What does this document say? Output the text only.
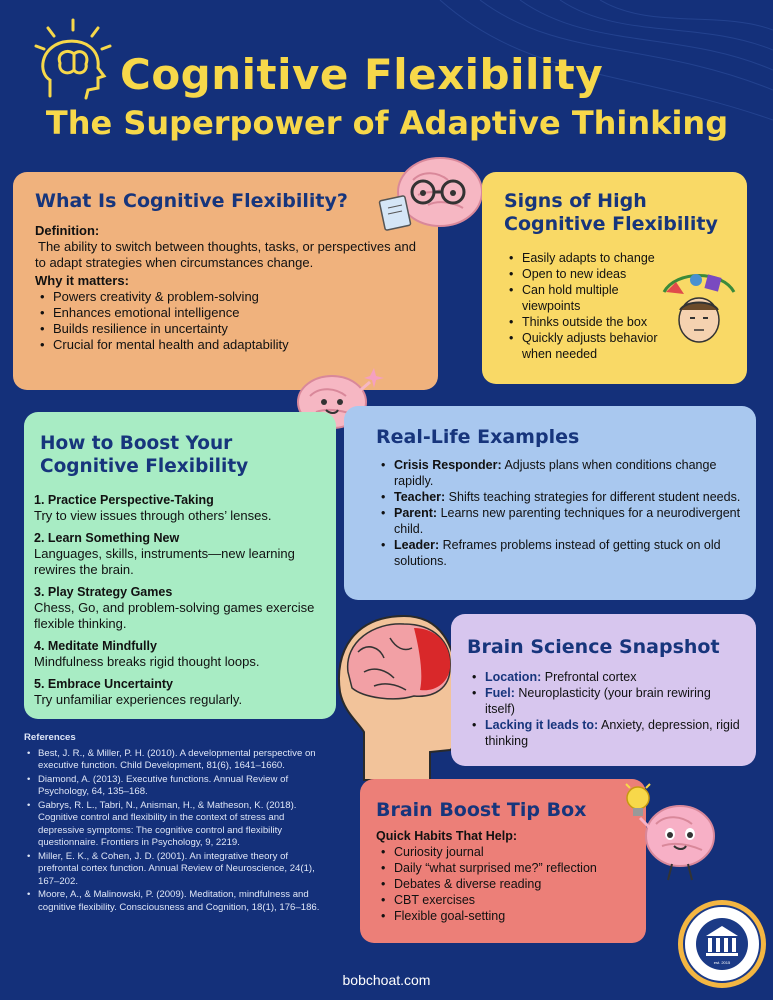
Cognitive Flexibility
The Superpower of Adaptive Thinking
What Is Cognitive Flexibility?
Definition:
The ability to switch between thoughts, tasks, or perspectives and to adapt strategies when circumstances change.
Why it matters:
• Powers creativity & problem-solving
• Enhances emotional intelligence
• Builds resilience in uncertainty
• Crucial for mental health and adaptability
Signs of High Cognitive Flexibility
• Easily adapts to change
• Open to new ideas
• Can hold multiple viewpoints
• Thinks outside the box
• Quickly adjusts behavior when needed
How to Boost Your Cognitive Flexibility
1. Practice Perspective-Taking
Try to view issues through others’ lenses.
2. Learn Something New
Languages, skills, instruments—new learning rewires the brain.
3. Play Strategy Games
Chess, Go, and problem-solving games exercise flexible thinking.
4. Meditate Mindfully
Mindfulness breaks rigid thought loops.
5. Embrace Uncertainty
Try unfamiliar experiences regularly.
Real-Life Examples
• Crisis Responder: Adjusts plans when conditions change rapidly.
• Teacher: Shifts teaching strategies for different student needs.
• Parent: Learns new parenting techniques for a neurodivergent child.
• Leader: Reframes problems instead of getting stuck on old solutions.
Brain Science Snapshot
• Location: Prefrontal cortex
• Fuel: Neuroplasticity (your brain rewiring itself)
• Lacking it leads to: Anxiety, depression, rigid thinking
References
• Best, J. R., & Miller, P. H. (2010). A developmental perspective on executive function. Child Development, 81(6), 1641–1660.
• Diamond, A. (2013). Executive functions. Annual Review of Psychology, 64, 135–168.
• Gabrys, R. L., Tabri, N., Anisman, H., & Matheson, K. (2018). Cognitive control and flexibility in the context of stress and depressive symptoms: The cognitive control and flexibility questionnaire. Frontiers in Psychology, 9, 2219.
• Miller, E. K., & Cohen, J. D. (2001). An integrative theory of prefrontal cortex function. Annual Review of Neuroscience, 24(1), 167–202.
• Moore, A., & Malinowski, P. (2009). Meditation, mindfulness and cognitive flexibility. Consciousness and Cognition, 18(1), 176–186.
Brain Boost Tip Box
Quick Habits That Help:
• Curiosity journal
• Daily “what surprised me?” reflection
• Debates & diverse reading
• CBT exercises
• Flexible goal-setting
est. 2015
bobchoat.com
